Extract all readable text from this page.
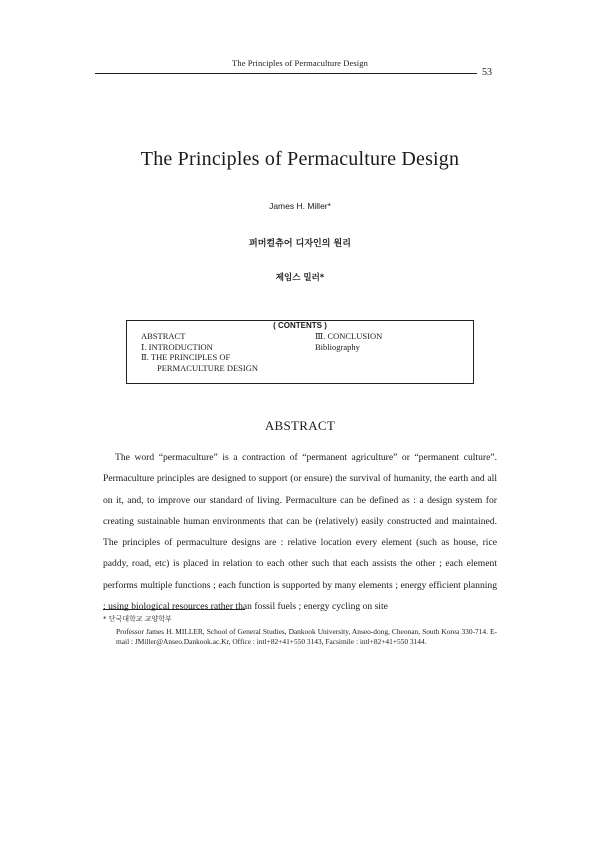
The Principles of Permaculture Design
53
The Principles of Permaculture Design
James H. Miller*
퍼머컬츄어 디자인의 원리
제임스 밀러*
( CONTENTS )
ABSTRACT
Ⅰ. INTRODUCTION
Ⅱ. THE PRINCIPLES OF
PERMACULTURE DESIGN
Ⅲ. CONCLUSION
Bibliography
ABSTRACT

The word “permaculture” is a contraction of “permanent agriculture” or “permanent culture”. Permaculture principles are designed to support (or ensure) the survival of humanity, the earth and all on it, and, to improve our standard of living. Permaculture can be defined as : a design system for creating sustainable human environments that can be (relatively) easily constructed and maintained. The principles of permaculture designs are : relative location every element (such as house, rice paddy, road, etc) is placed in relation to each other such that each assists the other ; each element performs multiple functions ; each function is supported by many elements ; energy efficient planning ; using biological resources rather than fossil fuels ; energy cycling on site

* 단국대학교 교양학부

Professor James H. MILLER, School of General Studies, Dankook University, Anseo-dong, Cheonan, South Korea 330-714. E-mail : JMiller@Anseo.Dankook.ac.Kr, Office : intl+82+41+550 3143, Facsimile : intl+82+41+550 3144.
